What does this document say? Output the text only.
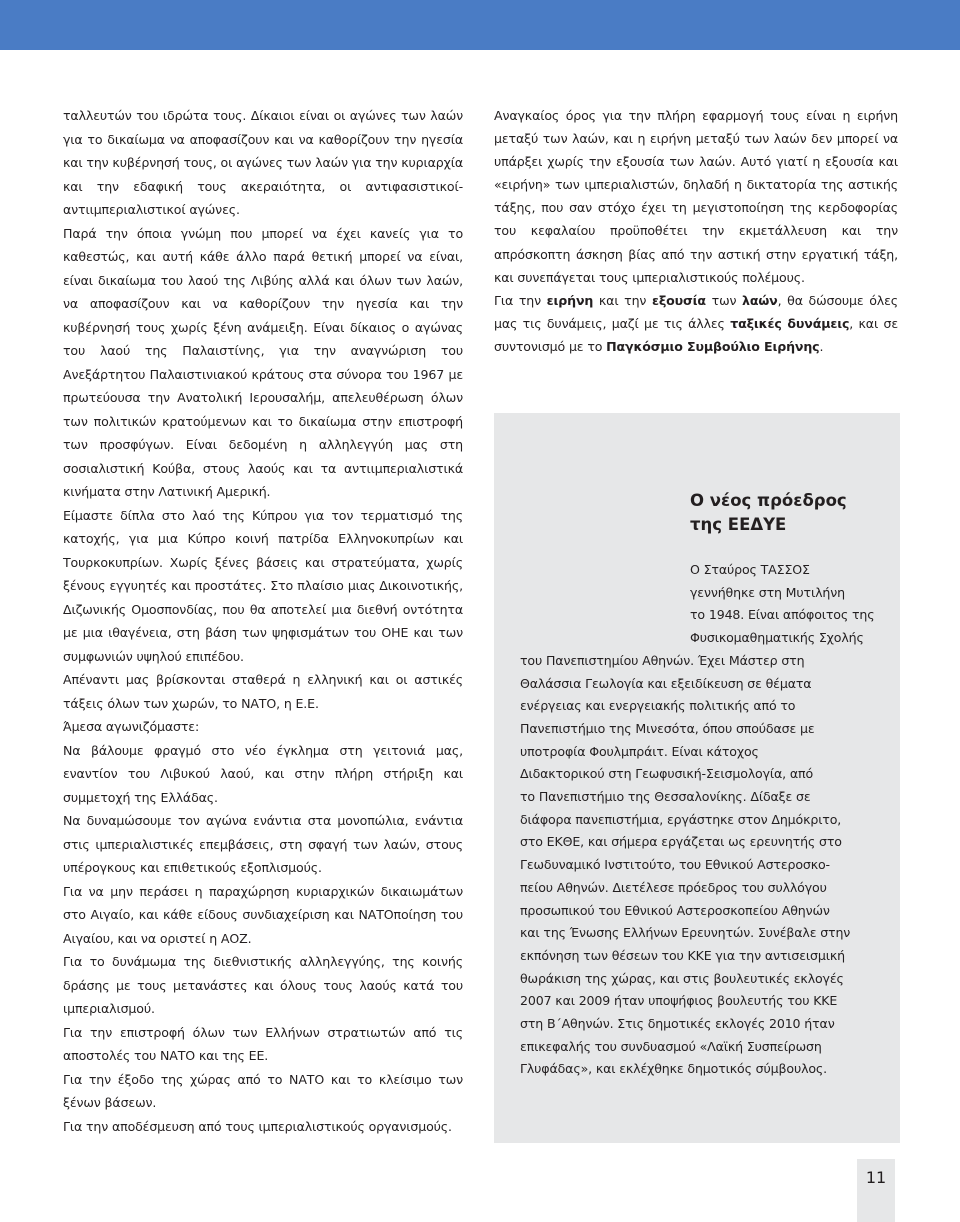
ταλλευτών του ιδρώτα τους. Δίκαιοι είναι οι αγώνες των λαών για το δικαίωμα να αποφασίζουν και να καθορίζουν την ηγεσία και την κυβέρνησή τους, οι αγώνες των λαών για την κυριαρχία και την εδαφική τους ακεραιότητα, οι αντιφασιστικοί-αντιιμπεριαλιστικοί αγώνες.

Παρά την όποια γνώμη που μπορεί να έχει κανείς για το καθεστώς, και αυτή κάθε άλλο παρά θετική μπορεί να είναι, είναι δικαίωμα του λαού της Λιβύης αλλά και όλων των λαών, να αποφασίζουν και να καθορίζουν την ηγεσία και την κυβέρνησή τους χωρίς ξένη ανάμειξη. Είναι δίκαιος ο αγώνας του λαού της Παλαιστίνης, για την αναγνώριση του Ανεξάρτητου Παλαιστινιακού κράτους στα σύνορα του 1967 με πρωτεύουσα την Ανατολική Ιερουσαλήμ, απελευθέρωση όλων των πολιτικών κρατούμενων και το δικαίωμα στην επιστροφή των προσφύγων. Είναι δεδομένη η αλληλεγγύη μας στη σοσιαλιστική Κούβα, στους λαούς και τα αντιιμπεριαλιστικά κινήματα στην Λατινική Αμερική.

Είμαστε δίπλα στο λαό της Κύπρου για τον τερματισμό της κατοχής, για μια Κύπρο κοινή πατρίδα Ελληνοκυπρίων και Τουρκοκυπρίων. Χωρίς ξένες βάσεις και στρατεύματα, χωρίς ξένους εγγυητές και προστάτες. Στο πλαίσιο μιας Δικοινοτικής, Διζωνικής Ομοσπονδίας, που θα αποτελεί μια διεθνή οντότητα με μια ιθαγένεια, στη βάση των ψηφισμάτων του ΟΗΕ και των συμφωνιών υψηλού επιπέδου.

Απέναντι μας βρίσκονται σταθερά η ελληνική και οι αστικές τάξεις όλων των χωρών, το ΝΑΤΟ, η Ε.Ε.

Άμεσα αγωνιζόμαστε:

Να βάλουμε φραγμό στο νέο έγκλημα στη γειτονιά μας, εναντίον του Λιβυκού λαού, και στην πλήρη στήριξη και συμμετοχή της Ελλάδας.

Να δυναμώσουμε τον αγώνα ενάντια στα μονοπώλια, ενάντια στις ιμπεριαλιστικές επεμβάσεις, στη σφαγή των λαών, στους υπέρογκους και επιθετικούς εξοπλισμούς.

Για να μην περάσει η παραχώρηση κυριαρχικών δικαιωμάτων στο Αιγαίο, και κάθε είδους συνδιαχείριση και ΝΑΤΟποίηση του Αιγαίου, και να οριστεί η ΑΟΖ.

Για το δυνάμωμα της διεθνιστικής αλληλεγγύης, της κοινής δράσης με τους μετανάστες και όλους τους λαούς κατά του ιμπεριαλισμού.

Για την επιστροφή όλων των Ελλήνων στρατιωτών από τις αποστολές του ΝΑΤΟ και της ΕΕ.

Για την έξοδο της χώρας από το ΝΑΤΟ και το κλείσιμο των ξένων βάσεων.

Για την αποδέσμευση από τους ιμπεριαλιστικούς οργανισμούς.

Αναγκαίος όρος για την πλήρη εφαρμογή τους είναι η ειρήνη μεταξύ των λαών, και η ειρήνη μεταξύ των λαών δεν μπορεί να υπάρξει χωρίς την εξουσία των λαών. Αυτό γιατί η εξουσία και «ειρήνη» των ιμπεριαλιστών, δηλαδή η δικτατορία της αστικής τάξης, που σαν στόχο έχει τη μεγιστοποίηση της κερδοφορίας του κεφαλαίου προϋποθέτει την εκμετάλλευση και την απρόσκοπτη άσκηση βίας από την αστική στην εργατική τάξη, και συνεπάγεται τους ιμπεριαλιστικούς πολέμους.

Για την ειρήνη και την εξουσία των λαών, θα δώσουμε όλες μας τις δυνάμεις, μαζί με τις άλλες ταξικές δυνάμεις, και σε συντονισμό με το Παγκόσμιο Συμβούλιο Ειρήνης.

Ο νέος πρόεδρος
της ΕΕΔΥΕ
Ο Σταύρος ΤΑΣΣΟΣ
γεννήθηκε στη Μυτιλήνη
το 1948. Είναι απόφοιτος της
Φυσικομαθηματικής Σχολής
του Πανεπιστημίου Αθηνών. Έχει Μάστερ στη
Θαλάσσια Γεωλογία και εξειδίκευση σε θέματα
ενέργειας και ενεργειακής πολιτικής από το
Πανεπιστήμιο της Μινεσότα, όπου σπούδασε με
υποτροφία Φουλμπράιτ. Είναι κάτοχος
Διδακτορικού στη Γεωφυσική-Σεισμολογία, από
το Πανεπιστήμιο της Θεσσαλονίκης. Δίδαξε σε
διάφορα πανεπιστήμια, εργάστηκε στον Δημόκριτο,
στο ΕΚΘΕ, και σήμερα εργάζεται ως ερευνητής στο
Γεωδυναμικό Ινστιτούτο, του Εθνικού Αστεροσκο-
πείου Αθηνών. Διετέλεσε πρόεδρος του συλλόγου
προσωπικού του Εθνικού Αστεροσκοπείου Αθηνών
και της Ένωσης Ελλήνων Ερευνητών. Συνέβαλε στην
εκπόνηση των θέσεων του ΚΚΕ για την αντισεισμική
θωράκιση της χώρας, και στις βουλευτικές εκλογές
2007 και 2009 ήταν υποψήφιος βουλευτής του ΚΚΕ
στη Β΄Αθηνών. Στις δημοτικές εκλογές 2010 ήταν
επικεφαλής του συνδυασμού «Λαϊκή Συσπείρωση
Γλυφάδας», και εκλέχθηκε δημοτικός σύμβουλος.
11
